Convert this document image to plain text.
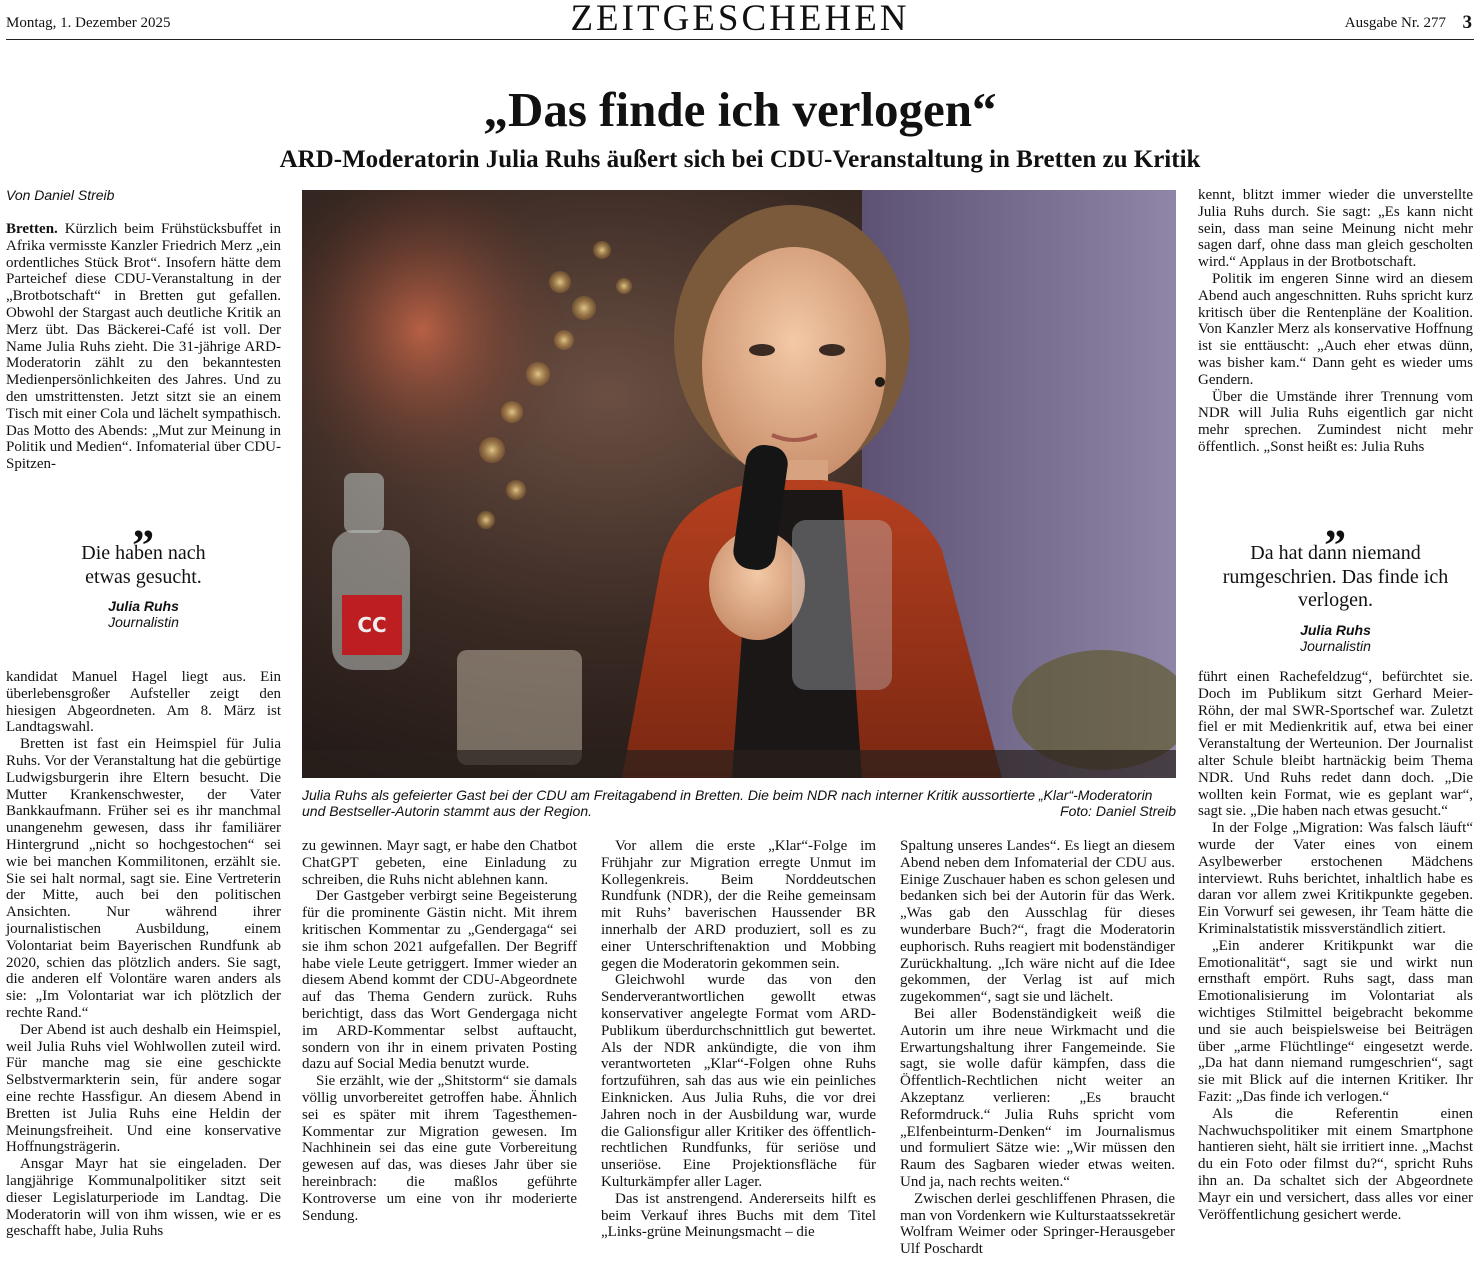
Montag, 1. Dezember 2025	ZEITGESCHEHEN	Ausgabe Nr. 277 3
„Das finde ich verlogen“
ARD-Moderatorin Julia Ruhs äußert sich bei CDU-Veranstaltung in Bretten zu Kritik
Von Daniel Streib

Bretten. Kürzlich beim Frühstücksbuffet in Afrika vermisste Kanzler Friedrich Merz „ein ordentliches Stück Brot“. Insofern hätte dem Parteichef diese CDU-Veranstaltung in der „Brotbotschaft“ in Bretten gut gefallen. Obwohl der Stargast auch deutliche Kritik an Merz übt. Das Bäckerei-Café ist voll. Der Name Julia Ruhs zieht. Die 31-jährige ARD-Moderatorin zählt zu den bekanntesten Medienpersönlichkeiten des Jahres. Und zu den umstrittensten. Jetzt sitzt sie an einem Tisch mit einer Cola und lächelt sympathisch. Das Motto des Abends: „Mut zur Meinung in Politik und Medien“. Infomaterial über CDU-Spitzen-

„
Die haben nach etwas gesucht.
Julia Ruhs
Journalistin

kandidat Manuel Hagel liegt aus. Ein überlebensgroßer Aufsteller zeigt den hiesigen Abgeordneten. Am 8. März ist Landtagswahl.

Bretten ist fast ein Heimspiel für Julia Ruhs. Vor der Veranstaltung hat die gebürtige Ludwigsburgerin ihre Eltern besucht. Die Mutter Krankenschwester, der Vater Bankkaufmann. Früher sei es ihr manchmal unangenehm gewesen, dass ihr familiärer Hintergrund „nicht so hochgestochen“ sei wie bei manchen Kommilitonen, erzählt sie. Sie sei halt normal, sagt sie. Eine Vertreterin der Mitte, auch bei den politischen Ansichten. Nur während ihrer journalistischen Ausbildung, einem Volontariat beim Bayerischen Rundfunk ab 2020, schien das plötzlich anders. Sie sagt, die anderen elf Volontäre waren anders als sie: „Im Volontariat war ich plötzlich der rechte Rand.“

Der Abend ist auch deshalb ein Heimspiel, weil Julia Ruhs viel Wohlwollen zuteil wird. Für manche mag sie eine geschickte Selbstvermarkterin sein, für andere sogar eine rechte Hassfigur. An diesem Abend in Bretten ist Julia Ruhs eine Heldin der Meinungsfreiheit. Und eine konservative Hoffnungsträgerin.

Ansgar Mayr hat sie eingeladen. Der langjährige Kommunalpolitiker sitzt seit dieser Legislaturperiode im Landtag. Die Moderatorin will von ihm wissen, wie er es geschafft habe, Julia Ruhs

CC
Julia Ruhs als gefeierter Gast bei der CDU am Freitagabend in Bretten. Die beim NDR nach interner Kritik aussortierte „Klar“-Moderatorin und Bestseller-Autorin stammt aus der Region.	Foto: Daniel Streib

zu gewinnen. Mayr sagt, er habe den Chatbot ChatGPT gebeten, eine Einladung zu schreiben, die Ruhs nicht ablehnen kann.

Der Gastgeber verbirgt seine Begeisterung für die prominente Gästin nicht. Mit ihrem kritischen Kommentar zu „Gendergaga“ sei sie ihm schon 2021 aufgefallen. Der Begriff habe viele Leute getriggert. Immer wieder an diesem Abend kommt der CDU-Abgeordnete auf das Thema Gendern zurück. Ruhs berichtigt, dass das Wort Gendergaga nicht im ARD-Kommentar selbst auftaucht, sondern von ihr in einem privaten Posting dazu auf Social Media benutzt wurde.

Sie erzählt, wie der „Shitstorm“ sie damals völlig unvorbereitet getroffen habe. Ähnlich sei es später mit ihrem Tagesthemen-Kommentar zur Migration gewesen. Im Nachhinein sei das eine gute Vorbereitung gewesen auf das, was dieses Jahr über sie hereinbrach: die maßlos geführte Kontroverse um eine von ihr moderierte Sendung.

Vor allem die erste „Klar“-Folge im Frühjahr zur Migration erregte Unmut im Kollegenkreis. Beim Norddeutschen Rundfunk (NDR), der die Reihe gemeinsam mit Ruhs’ baverischen Haussender BR innerhalb der ARD produziert, soll es zu einer Unterschriftenaktion und Mobbing gegen die Moderatorin gekommen sein.

Gleichwohl wurde das von den Senderverantwortlichen gewollt etwas konservativer angelegte Format vom ARD-Publikum überdurchschnittlich gut bewertet. Als der NDR ankündigte, die von ihm verantworteten „Klar“-Folgen ohne Ruhs fortzuführen, sah das aus wie ein peinliches Einknicken. Aus Julia Ruhs, die vor drei Jahren noch in der Ausbildung war, wurde die Galionsfigur aller Kritiker des öffentlich-rechtlichen Rundfunks, für seriöse und unseriöse. Eine Projektionsfläche für Kulturkämpfer aller Lager.

Das ist anstrengend. Andererseits hilft es beim Verkauf ihres Buchs mit dem Titel „Links-grüne Meinungsmacht – die

Spaltung unseres Landes“. Es liegt an diesem Abend neben dem Infomaterial der CDU aus. Einige Zuschauer haben es schon gelesen und bedanken sich bei der Autorin für das Werk. „Was gab den Ausschlag für dieses wunderbare Buch?“, fragt die Moderatorin euphorisch. Ruhs reagiert mit bodenständiger Zurückhaltung. „Ich wäre nicht auf die Idee gekommen, der Verlag ist auf mich zugekommen“, sagt sie und lächelt.

Bei aller Bodenständigkeit weiß die Autorin um ihre neue Wirkmacht und die Erwartungshaltung ihrer Fangemeinde. Sie sagt, sie wolle dafür kämpfen, dass die Öffentlich-Rechtlichen nicht weiter an Akzeptanz verlieren: „Es braucht Reformdruck.“ Julia Ruhs spricht vom „Elfenbeinturm-Denken“ im Journalismus und formuliert Sätze wie: „Wir müssen den Raum des Sagbaren wieder etwas weiten. Und ja, nach rechts weiten.“

Zwischen derlei geschliffenen Phrasen, die man von Vordenkern wie Kulturstaatssekretär Wolfram Weimer oder Springer-Herausgeber Ulf Poschardt

kennt, blitzt immer wieder die unverstellte Julia Ruhs durch. Sie sagt: „Es kann nicht sein, dass man seine Meinung nicht mehr sagen darf, ohne dass man gleich gescholten wird.“ Applaus in der Brotbotschaft.

Politik im engeren Sinne wird an diesem Abend auch angeschnitten. Ruhs spricht kurz kritisch über die Rentenpläne der Koalition. Von Kanzler Merz als konservative Hoffnung ist sie enttäuscht: „Auch eher etwas dünn, was bisher kam.“ Dann geht es wieder ums Gendern.

Über die Umstände ihrer Trennung vom NDR will Julia Ruhs eigentlich gar nicht mehr sprechen. Zumindest nicht mehr öffentlich. „Sonst heißt es: Julia Ruhs

„
Da hat dann niemand rumgeschrien. Das finde ich verlogen.
Julia Ruhs
Journalistin

führt einen Rachefeldzug“, befürchtet sie. Doch im Publikum sitzt Gerhard Meier-Röhn, der mal SWR-Sportschef war. Zuletzt fiel er mit Medienkritik auf, etwa bei einer Veranstaltung der Werteunion. Der Journalist alter Schule bleibt hartnäckig beim Thema NDR. Und Ruhs redet dann doch. „Die wollten kein Format, wie es geplant war“, sagt sie. „Die haben nach etwas gesucht.“

In der Folge „Migration: Was falsch läuft“ wurde der Vater eines von einem Asylbewerber erstochenen Mädchens interviewt. Ruhs berichtet, inhaltlich habe es daran vor allem zwei Kritikpunkte gegeben. Ein Vorwurf sei gewesen, ihr Team hätte die Kriminalstatistik missverständlich zitiert.

„Ein anderer Kritikpunkt war die Emotionalität“, sagt sie und wirkt nun ernsthaft empört. Ruhs sagt, dass man Emotionalisierung im Volontariat als wichtiges Stilmittel beigebracht bekomme und sie auch beispielsweise bei Beiträgen über „arme Flüchtlinge“ eingesetzt werde. „Da hat dann niemand rumgeschrien“, sagt sie mit Blick auf die internen Kritiker. Ihr Fazit: „Das finde ich verlogen.“

Als die Referentin einen Nachwuchspolitiker mit einem Smartphone hantieren sieht, hält sie irritiert inne. „Machst du ein Foto oder filmst du?“, spricht Ruhs ihn an. Da schaltet sich der Abgeordnete Mayr ein und versichert, dass alles vor einer Veröffentlichung gesichert werde.
